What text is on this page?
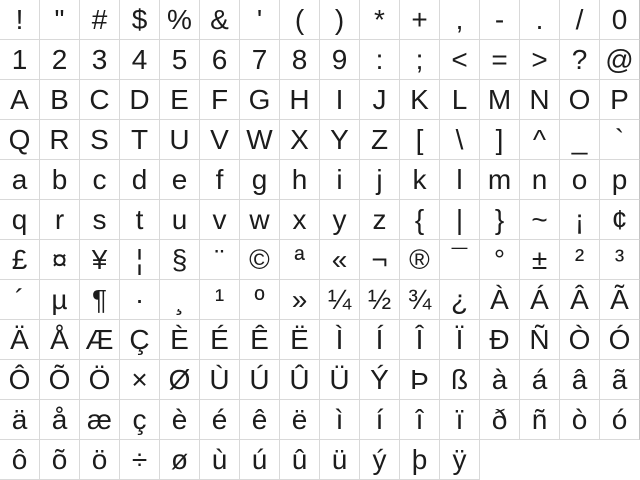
!	" # $ % & '	(	)	* + ,	-	.	/	0
1 2 3 4 5 6 7 8 9	:	; < = > ? @
A B C D E F G H I	J K L M N O P
Q R S T U V W X Y Z [	\	]	^ _ `
a b c d e	f	g h	i	j	k	l m n o p
q r	s	t	u v w x y z	{	|	} ~ ¡ ¢
£ ¤ ¥	¦	§ ¨ © ª « ¬ ® ¯ ° ± ²	³
´ µ ¶ ·	¸	¹	º » ¼ ½ ¾ ¿ À Á Â Ã
Ä Å Æ Ç È É Ê Ë Ì	Í	Î	Ï Ð Ñ Ò Ó
Ô Õ Ö × Ø Ù Ú Û Ü Ý Þ ß à á â ã
ä å æ ç è é ê ë	ì	í	î	ï	ð ñ ò ó
ô õ ö ÷ ø ù ú û ü ý þ ÿ
